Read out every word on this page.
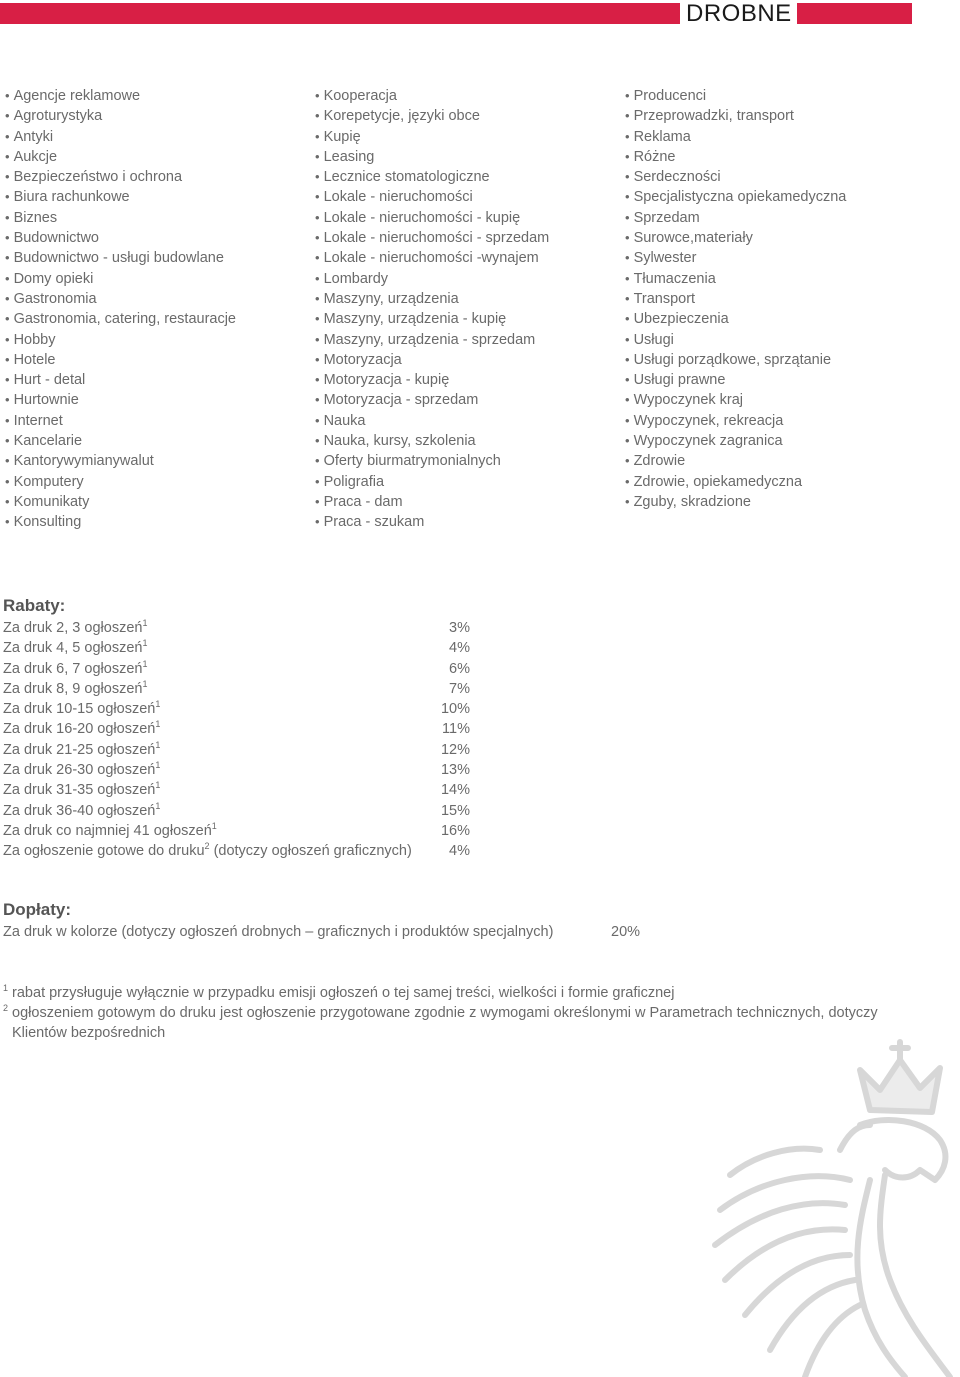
DROBNE
• Agencje reklamowe
• Agroturystyka
• Antyki
• Aukcje
• Bezpieczeństwo i ochrona
• Biura rachunkowe
• Biznes
• Budownictwo
• Budownictwo - usługi budowlane
• Domy opieki
• Gastronomia
• Gastronomia, catering, restauracje
• Hobby
• Hotele
• Hurt - detal
• Hurtownie
• Internet
• Kancelarie
• Kantorywymianywalut
• Komputery
• Komunikaty
• Konsulting
• Kooperacja
• Korepetycje, języki obce
• Kupię
• Leasing
• Lecznice stomatologiczne
• Lokale - nieruchomości
• Lokale - nieruchomości - kupię
• Lokale - nieruchomości - sprzedam
• Lokale - nieruchomości -wynajem
• Lombardy
• Maszyny, urządzenia
• Maszyny, urządzenia - kupię
• Maszyny, urządzenia - sprzedam
• Motoryzacja
• Motoryzacja - kupię
• Motoryzacja - sprzedam
• Nauka
• Nauka, kursy, szkolenia
• Oferty biurmatrymonialnych
• Poligrafia
• Praca - dam
• Praca - szukam
• Producenci
• Przeprowadzki, transport
• Reklama
• Różne
• Serdeczności
• Specjalistyczna opiekamedyczna
• Sprzedam
• Surowce,materiały
• Sylwester
• Tłumaczenia
• Transport
• Ubezpieczenia
• Usługi
• Usługi porządkowe, sprzątanie
• Usługi prawne
• Wypoczynek kraj
• Wypoczynek, rekreacja
• Wypoczynek zagranica
• Zdrowie
• Zdrowie, opiekamedyczna
• Zguby, skradzione
Rabaty:
Za druk 2, 3 ogłoszeń$^1$	3%
Za druk 4, 5 ogłoszeń$^1$	4%
Za druk 6, 7 ogłoszeń$^1$	6%
Za druk 8, 9 ogłoszeń$^1$	7%
Za druk 10-15 ogłoszeń$^1$	10%
Za druk 16-20 ogłoszeń$^1$	11%
Za druk 21-25 ogłoszeń$^1$	12%
Za druk 26-30 ogłoszeń$^1$	13%
Za druk 31-35 ogłoszeń$^1$	14%
Za druk 36-40 ogłoszeń$^1$	15%
Za druk co najmniej 41 ogłoszeń$^1$	16%
Za ogłoszenie gotowe do druku$^2$ (dotyczy ogłoszeń graficznych)	4%
Dopłaty:
Za druk w kolorze (dotyczy ogłoszeń drobnych – graficznych i produktów specjalnych)	20%
$^1$ rabat przysługuje wyłącznie w przypadku emisji ogłoszeń o tej samej treści, wielkości i formie graficznej
$^2$ ogłoszeniem gotowym do druku jest ogłoszenie przygotowane zgodnie z wymogami określonymi w Parametrach technicznych, dotyczy
Klientów bezpośrednich
